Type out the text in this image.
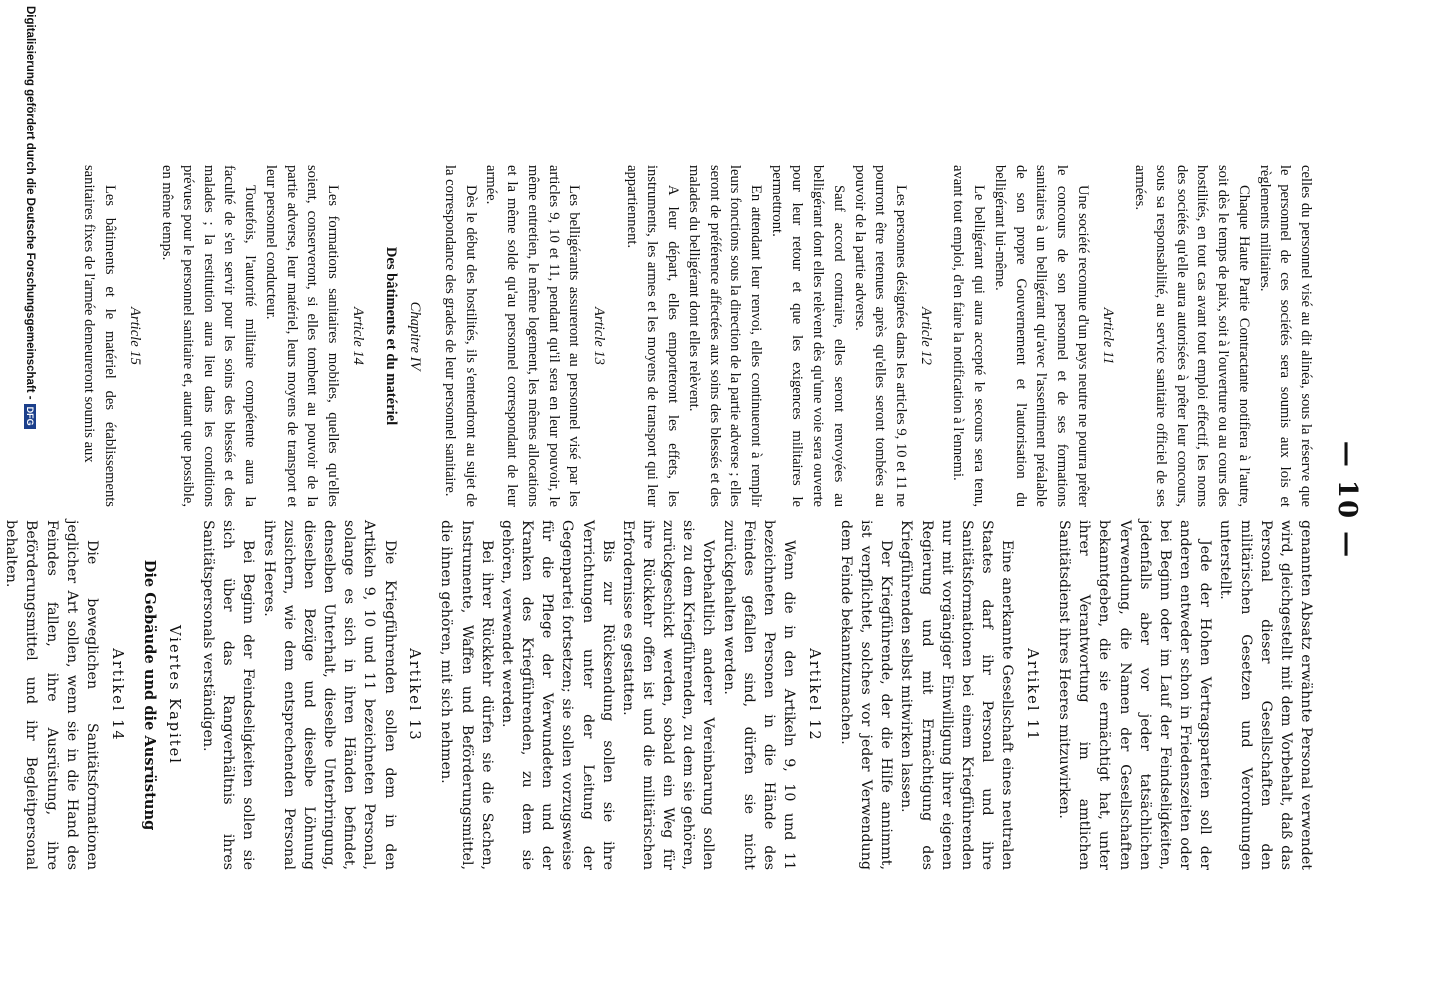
— 10 —

celles du personnel visé au dit alinéa, sous la réserve que le personnel de ces sociétés sera soumis aux lois et règlements militaires.

Chaque Haute Partie Contractante notifiera à l'autre, soit dès le temps de paix, soit à l'ouverture ou au cours des hostilités, en tout cas avant tout emploi effectif, les noms des sociétés qu'elle aura autorisées à prêter leur concours, sous sa responsabilité, au service sanitaire officiel de ses armées.

Article 11

Une société reconnue d'un pays neutre ne pourra prêter le concours de son personnel et de ses formations sanitaires à un belligérant qu'avec l'assentiment préalable de son propre Gouvernement et l'autorisation du belligérant lui-même.

Le belligérant qui aura accepté le secours sera tenu, avant tout emploi, d'en faire la notification à l'ennemi.

Article 12

Les personnes désignées dans les articles 9, 10 et 11 ne pourront être retenues après qu'elles seront tombées au pouvoir de la partie adverse.

Sauf accord contraire, elles seront renvoyées au belligérant dont elles relèvent dès qu'une voie sera ouverte pour leur retour et que les exigences militaires le permettront.

En attendant leur renvoi, elles continueront à remplir leurs fonctions sous la direction de la partie adverse ; elles seront de préférence affectées aux soins des blessés et des malades du belligérant dont elles relèvent.

A leur départ, elles emporteront les effets, les instruments, les armes et les moyens de transport qui leur appartiennent.

Article 13

Les belligérants assureront au personnel visé par les articles 9, 10 et 11, pendant qu'il sera en leur pouvoir, le même entretien, le même logement, les mêmes allocations et la même solde qu'au personnel correspondant de leur armée.

Dès le début des hostilités, ils s'entendront au sujet de la correspondance des grades de leur personnel sanitaire.

Chapitre IV
Des bâtiments et du matériel
Article 14

Les formations sanitaires mobiles, quelles qu'elles soient, conserveront, si elles tombent au pouvoir de la partie adverse, leur matériel, leurs moyens de transport et leur personnel conducteur.

Toutefois, l'autorité militaire compétente aura la faculté de s'en servir pour les soins des blessés et des malades ; la restitution aura lieu dans les conditions prévues pour le personnel sanitaire et, autant que possible, en même temps.

Article 15

Les bâtiments et le matériel des établissements sanitaires fixes de l'armée demeureront soumis aux

genannten Absatz erwähnte Personal verwendet wird, gleichgestellt mit dem Vorbehalt, daß das Personal dieser Gesellschaften den militärischen Gesetzen und Verordnungen unterstellt.

Jede der Hohen Vertragsparteien soll der anderen entweder schon in Friedenszeiten oder bei Beginn oder im Lauf der Feindseligkeiten, jedenfalls aber vor jeder tatsächlichen Verwendung, die Namen der Gesellschaften bekanntgeben, die sie ermächtigt hat, unter ihrer Verantwortung im amtlichen Sanitätsdienst ihres Heeres mitzuwirken.

Artikel 11

Eine anerkannte Gesellschaft eines neutralen Staates darf ihr Personal und ihre Sanitätsformationen bei einem Kriegführenden nur mit vorgängiger Einwilligung ihrer eigenen Regierung und mit Ermächtigung des Kriegführenden selbst mitwirken lassen.

Der Kriegführende, der die Hilfe annimmt, ist verpflichtet, solches vor jeder Verwendung dem Feinde bekanntzumachen.

Artikel 12

Wenn die in den Artikeln 9, 10 und 11 bezeichneten Personen in die Hände des Feindes gefallen sind, dürfen sie nicht zurückgehalten werden.

Vorbehaltlich anderer Vereinbarung sollen sie zu dem Kriegführenden, zu dem sie gehören, zurückgeschickt werden, sobald ein Weg für ihre Rückkehr offen ist und die militärischen Erfordernisse es gestatten.

Bis zur Rücksendung sollen sie ihre Verrichtungen unter der Leitung der Gegenpartei fortsetzen; sie sollen vorzugsweise für die Pflege der Verwundeten und der Kranken des Kriegführenden, zu dem sie gehören, verwendet werden.

Bei ihrer Rückkehr dürfen sie die Sachen, Instrumente, Waffen und Beförderungsmittel, die ihnen gehören, mit sich nehmen.

Artikel 13

Die Kriegführenden sollen dem in den Artikeln 9, 10 und 11 bezeichneten Personal, solange es sich in ihren Händen befindet, denselben Unterhalt, dieselbe Unterbringung, dieselben Bezüge und dieselbe Löhnung zusichern, wie dem entsprechenden Personal ihres Heeres.

Bei Beginn der Feindseligkeiten sollen sie sich über das Rangverhältnis ihres Sanitätspersonals verständigen.

Viertes Kapitel
Die Gebäude und die Ausrüstung
Artikel 14

Die beweglichen Sanitätsformationen jeglicher Art sollen, wenn sie in die Hand des Feindes fallen, ihre Ausrüstung, ihre Beförderungsmittel und ihr Begleitpersonal behalten.

Digitalisierung gefördert durch die Deutsche Forschungsgemeinschaft -
DFG
